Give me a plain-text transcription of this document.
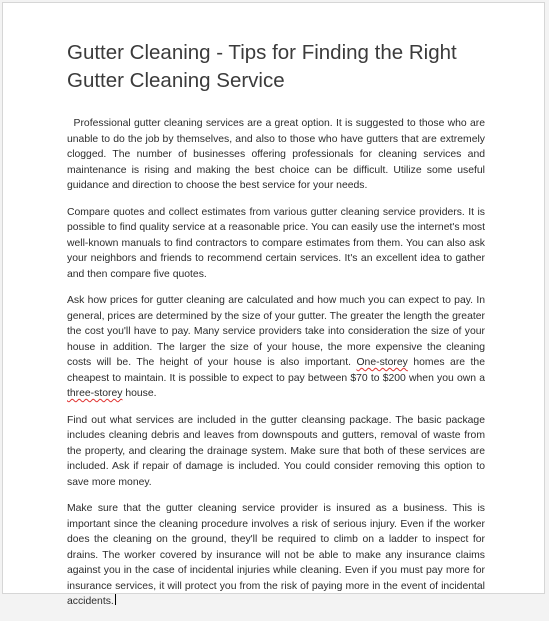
Gutter Cleaning - Tips for Finding the Right Gutter Cleaning Service

Professional gutter cleaning services are a great option. It is suggested to those who are unable to do the job by themselves, and also to those who have gutters that are extremely clogged. The number of businesses offering professionals for cleaning services and maintenance is rising and making the best choice can be difficult. Utilize some useful guidance and direction to choose the best service for your needs.

Compare quotes and collect estimates from various gutter cleaning service providers. It is possible to find quality service at a reasonable price. You can easily use the internet's most well-known manuals to find contractors to compare estimates from them. You can also ask your neighbors and friends to recommend certain services. It's an excellent idea to gather and then compare five quotes.

Ask how prices for gutter cleaning are calculated and how much you can expect to pay. In general, prices are determined by the size of your gutter. The greater the length the greater the cost you'll have to pay. Many service providers take into consideration the size of your house in addition. The larger the size of your house, the more expensive the cleaning costs will be. The height of your house is also important. One-storey homes are the cheapest to maintain. It is possible to expect to pay between $70 to $200 when you own a three-storey house.

Find out what services are included in the gutter cleansing package. The basic package includes cleaning debris and leaves from downspouts and gutters, removal of waste from the property, and clearing the drainage system. Make sure that both of these services are included. Ask if repair of damage is included. You could consider removing this option to save more money.

Make sure that the gutter cleaning service provider is insured as a business. This is important since the cleaning procedure involves a risk of serious injury. Even if the worker does the cleaning on the ground, they'll be required to climb on a ladder to inspect for drains. The worker covered by insurance will not be able to make any insurance claims against you in the case of incidental injuries while cleaning. Even if you must pay more for insurance services, it will protect you from the risk of paying more in the event of incidental accidents.
